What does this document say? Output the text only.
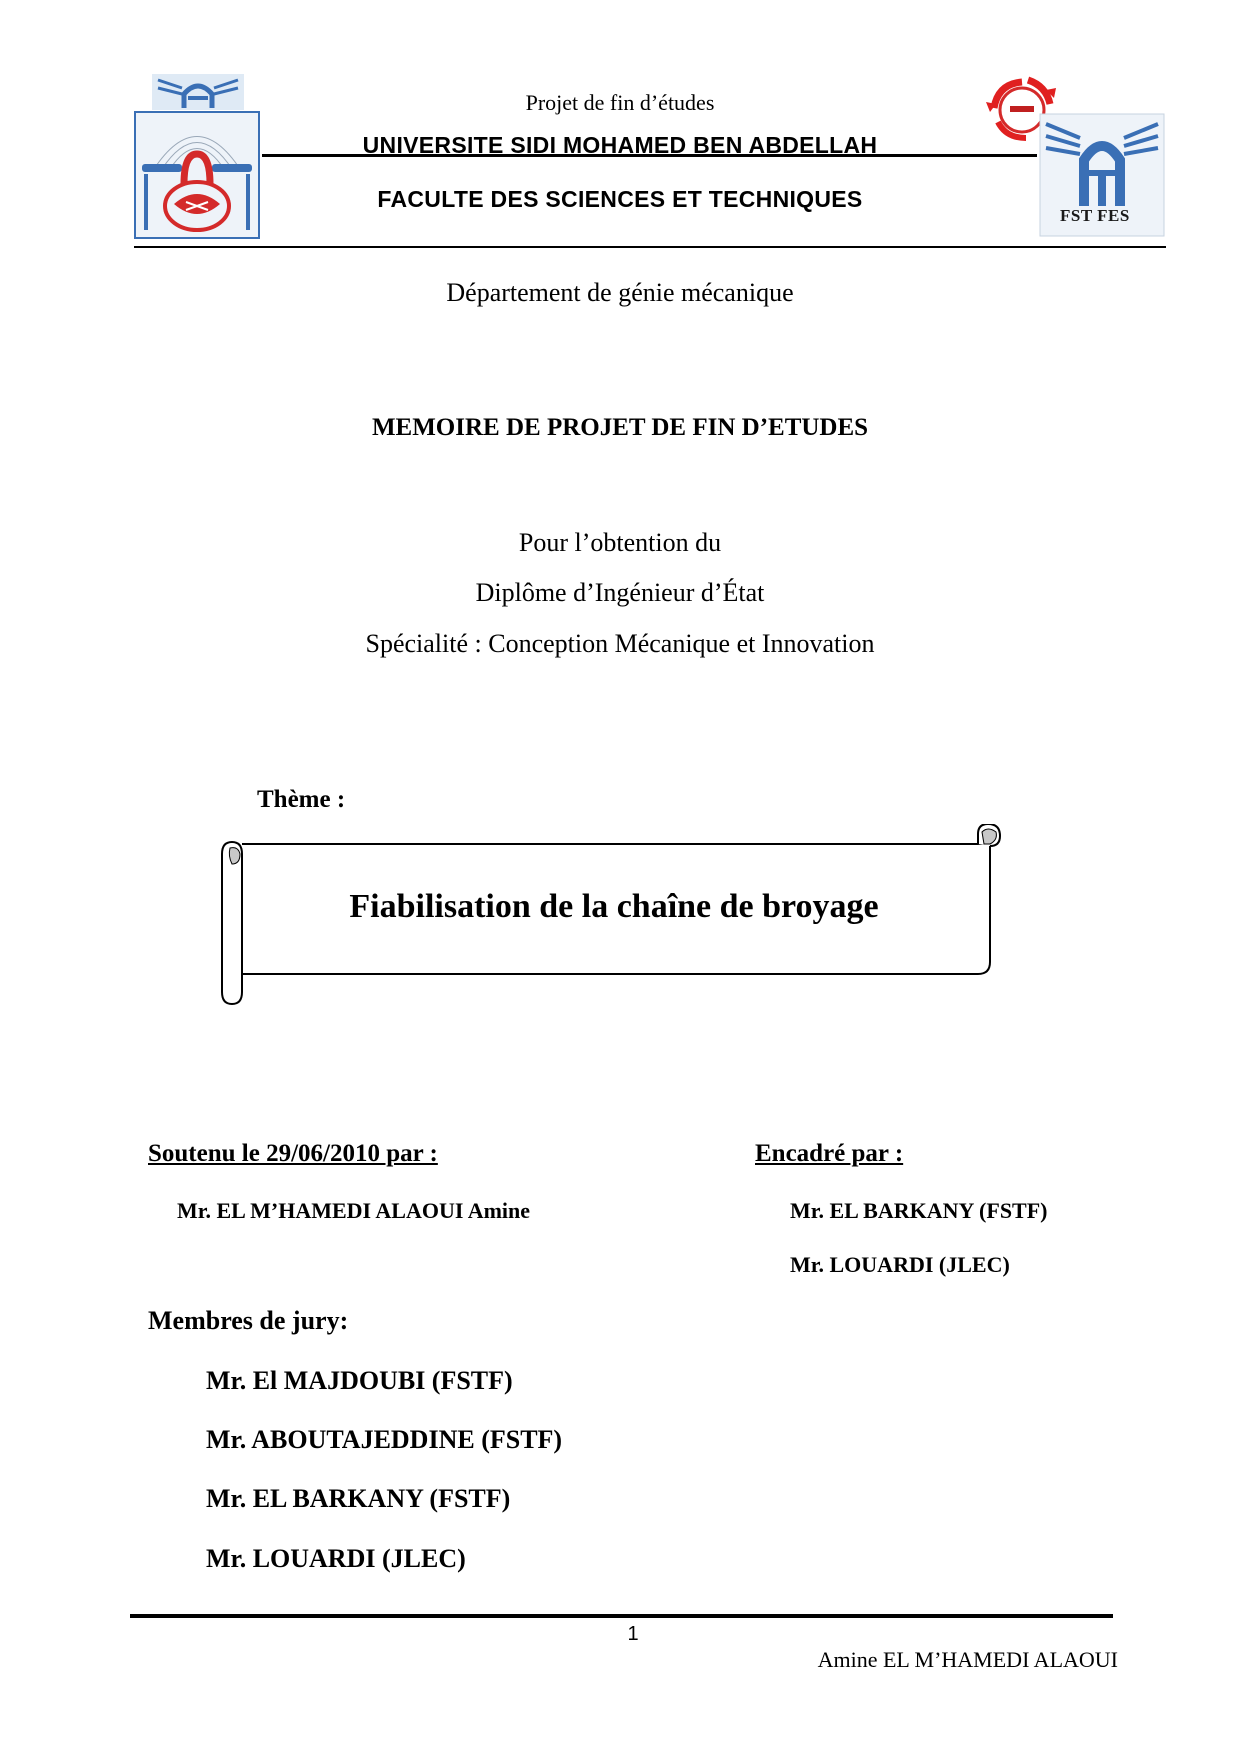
FST FES
Projet de fin d’études
UNIVERSITE SIDI MOHAMED BEN ABDELLAH
FACULTE DES SCIENCES ET TECHNIQUES
Département de génie mécanique
MEMOIRE DE PROJET DE FIN D’ETUDES
Pour l’obtention du
Diplôme d’Ingénieur d’État
Spécialité : Conception Mécanique et Innovation
Thème :
Fiabilisation de la chaîne de broyage
Soutenu le 29/06/2010 par :
Mr. EL M’HAMEDI ALAOUI Amine
Encadré par :
Mr. EL BARKANY (FSTF)
Mr. LOUARDI (JLEC)
Membres de jury:
Mr. El MAJDOUBI (FSTF)
Mr. ABOUTAJEDDINE (FSTF)
Mr. EL BARKANY (FSTF)
Mr. LOUARDI (JLEC)
1
Amine EL M’HAMEDI ALAOUI
